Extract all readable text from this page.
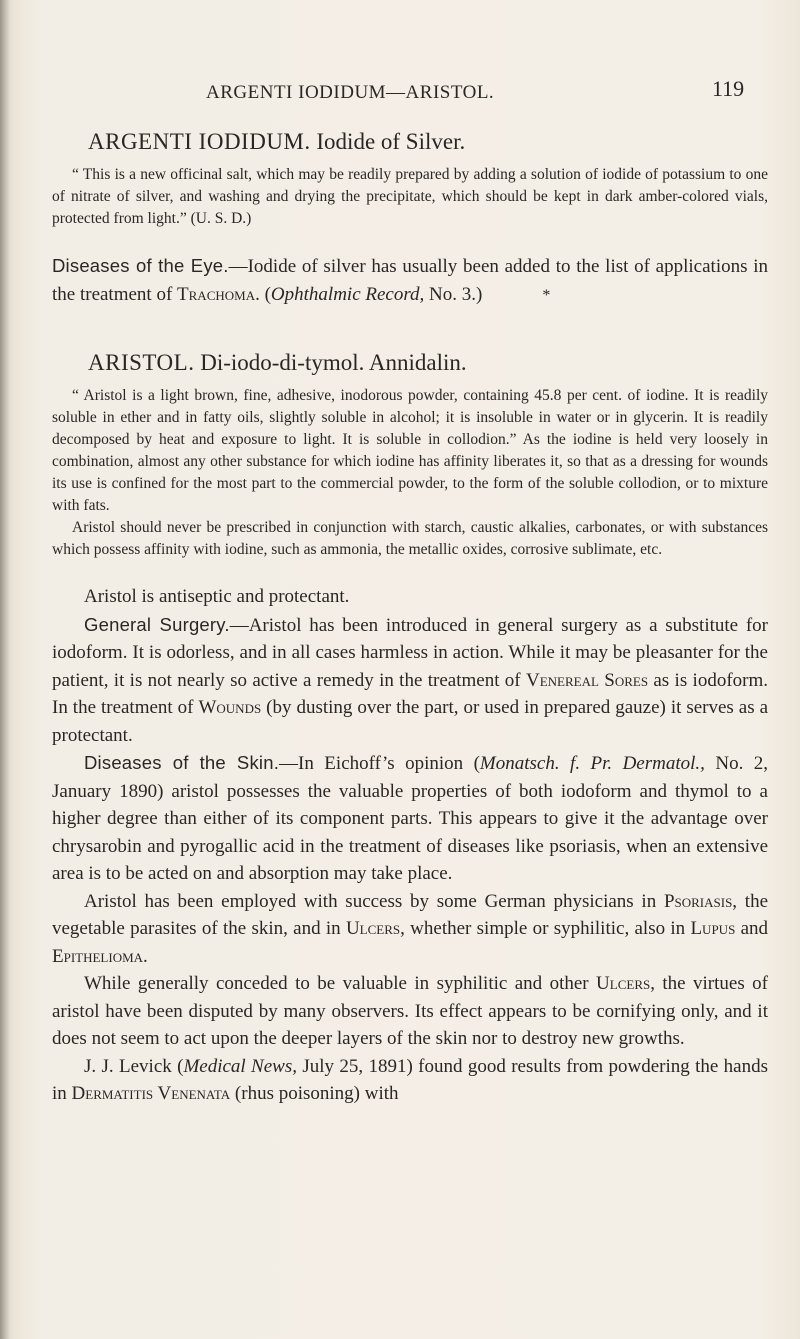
ARGENTI IODIDUM—ARISTOL.	119
ARGENTI IODIDUM. Iodide of Silver.

“ This is a new officinal salt, which may be readily prepared by adding a solution of iodide of potassium to one of nitrate of silver, and washing and drying the precipitate, which should be kept in dark amber-colored vials, protected from light.” (U. S. D.)

Diseases of the Eye.—Iodide of silver has usually been added to the list of applications in the treatment of Trachoma. (Ophthalmic Record, No. 3.)	*

ARISTOL. Di-iodo-di-tymol. Annidalin.

“ Aristol is a light brown, fine, adhesive, inodorous powder, containing 45.8 per cent. of iodine. It is readily soluble in ether and in fatty oils, slightly soluble in alcohol; it is insoluble in water or in glycerin. It is readily decomposed by heat and exposure to light. It is soluble in collodion.” As the iodine is held very loosely in combination, almost any other substance for which iodine has affinity liberates it, so that as a dressing for wounds its use is confined for the most part to the commercial powder, to the form of the soluble collodion, or to mixture with fats.

Aristol should never be prescribed in conjunction with starch, caustic alkalies, carbonates, or with substances which possess affinity with iodine, such as ammonia, the metallic oxides, corrosive sublimate, etc.

Aristol is antiseptic and protectant.

General Surgery.—Aristol has been introduced in general surgery as a substitute for iodoform. It is odorless, and in all cases harmless in action. While it may be pleasanter for the patient, it is not nearly so active a remedy in the treatment of Venereal Sores as is iodoform. In the treatment of Wounds (by dusting over the part, or used in prepared gauze) it serves as a protectant.

Diseases of the Skin.—In Eichoff’s opinion (Monatsch. f. Pr. Dermatol., No. 2, January 1890) aristol possesses the valuable properties of both iodoform and thymol to a higher degree than either of its component parts. This appears to give it the advantage over chrysarobin and pyrogallic acid in the treatment of diseases like psoriasis, when an extensive area is to be acted on and absorption may take place.

Aristol has been employed with success by some German physicians in Psoriasis, the vegetable parasites of the skin, and in Ulcers, whether simple or syphilitic, also in Lupus and Epithelioma.

While generally conceded to be valuable in syphilitic and other Ulcers, the virtues of aristol have been disputed by many observers. Its effect appears to be cornifying only, and it does not seem to act upon the deeper layers of the skin nor to destroy new growths.

J. J. Levick (Medical News, July 25, 1891) found good results from powdering the hands in Dermatitis Venenata (rhus poisoning) with
